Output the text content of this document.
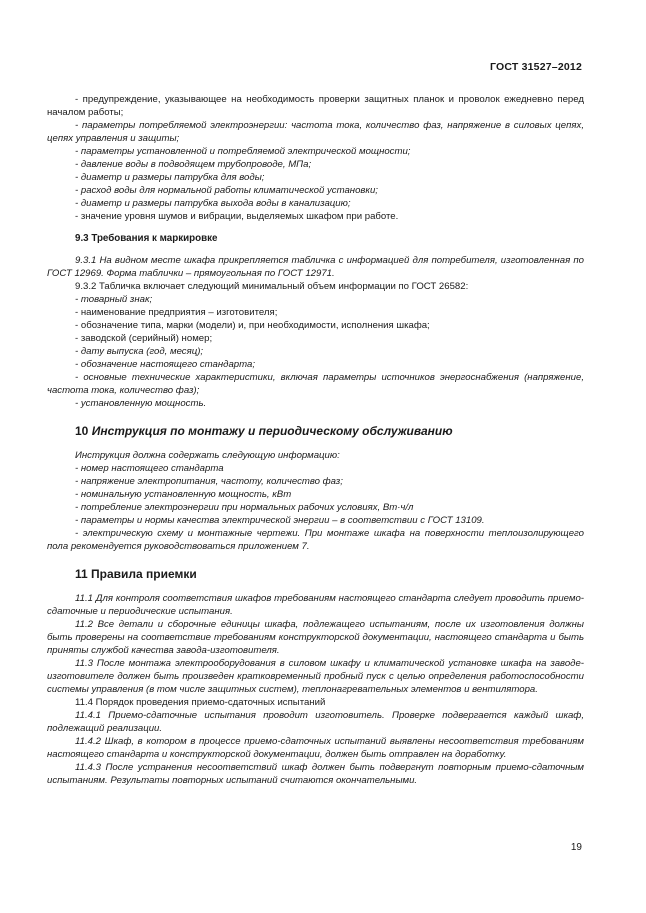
ГОСТ 31527–2012

- предупреждение, указывающее на необходимость проверки защитных планок и проволок ежедневно перед началом работы;

- параметры потребляемой электроэнергии: частота тока, количество фаз, напряжение в силовых цепях, цепях управления и защиты;

- параметры установленной и потребляемой электрической мощности;

- давление воды в подводящем трубопроводе, МПа;

- диаметр и размеры патрубка для воды;

- расход воды для нормальной работы климатической установки;

- диаметр и размеры патрубка выхода воды в канализацию;

- значение уровня шумов и вибрации, выделяемых шкафом при работе.

9.3 Требования к маркировке

9.3.1 На видном месте шкафа прикрепляется табличка с информацией для потребителя, изготовленная по ГОСТ 12969. Форма таблички – прямоугольная по ГОСТ 12971.

9.3.2 Табличка включает следующий минимальный объем информации по ГОСТ 26582:

- товарный знак;

- наименование предприятия – изготовителя;

- обозначение типа, марки (модели) и, при необходимости, исполнения шкафа;

- заводской (серийный) номер;

- дату выпуска (год, месяц);

- обозначение настоящего стандарта;

- основные технические характеристики, включая параметры источников энергоснабжения (напряжение, частота тока, количество фаз);

- установленную мощность.

10 Инструкция по монтажу и периодическому обслуживанию

Инструкция должна содержать следующую информацию:

- номер настоящего стандарта

- напряжение электропитания, частоту, количество фаз;

- номинальную установленную мощность, кВт

- потребление электроэнергии при нормальных рабочих условиях, Вт·ч/л

- параметры и нормы качества электрической энергии – в соответствии с ГОСТ 13109.

- электрическую схему и монтажные чертежи. При монтаже шкафа на поверхности теплоизолирующего пола рекомендуется руководствоваться приложением 7.

11 Правила приемки

11.1 Для контроля соответствия шкафов требованиям настоящего стандарта следует проводить приемо-сдаточные и периодические испытания.

11.2 Все детали и сборочные единицы шкафа, подлежащего испытаниям, после их изготовления должны быть проверены на соответствие требованиям конструкторской документации, настоящего стандарта и быть приняты службой качества завода-изготовителя.

11.3 После монтажа электрооборудования в силовом шкафу и климатической установке шкафа на заводе-изготовителе должен быть произведен кратковременный пробный пуск с целью определения работоспособности системы управления (в том числе защитных систем), теплонагревательных элементов и вентилятора.

11.4 Порядок проведения приемо-сдаточных испытаний

11.4.1 Приемо-сдаточные испытания проводит изготовитель. Проверке подвергается каждый шкаф, подлежащий реализации.

11.4.2 Шкаф, в котором в процессе приемо-сдаточных испытаний выявлены несоответствия требованиям настоящего стандарта и конструкторской документации, должен быть отправлен на доработку.

11.4.3 После устранения несоответствий шкаф должен быть подвергнут повторным приемо-сдаточным испытаниям. Результаты повторных испытаний считаются окончательными.

19
